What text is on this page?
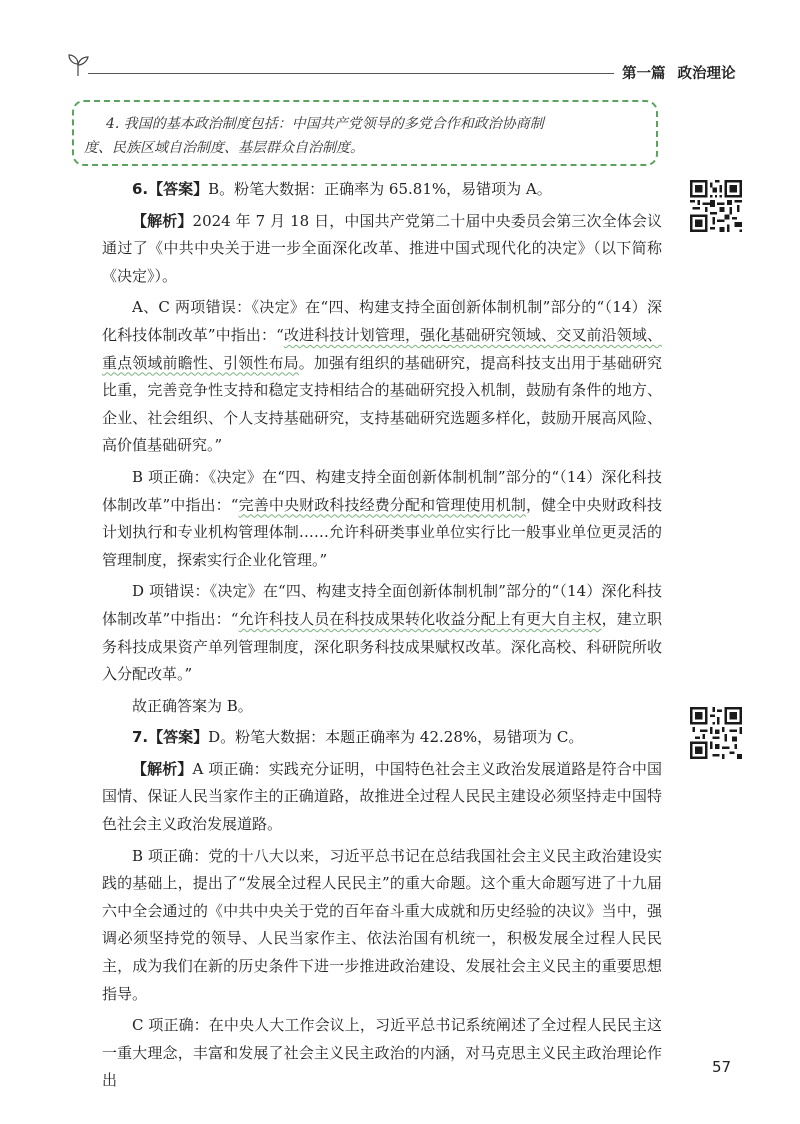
第一篇 政治理论
4. 我国的基本政治制度包括：中国共产党领导的多党合作和政治协商制
度、民族区域自治制度、基层群众自治制度。

6.【答案】B。粉笔大数据：正确率为 65.81%，易错项为 A。

【解析】2024 年 7 月 18 日，中国共产党第二十届中央委员会第三次全体会议通过了《中共中央关于进一步全面深化改革、推进中国式现代化的决定》（以下简称《决定》）。

A、C 两项错误：《决定》在“四、构建支持全面创新体制机制”部分的“（14）深化科技体制改革”中指出：“改进科技计划管理，强化基础研究领域、交叉前沿领域、重点领域前瞻性、引领性布局。加强有组织的基础研究，提高科技支出用于基础研究比重，完善竞争性支持和稳定支持相结合的基础研究投入机制，鼓励有条件的地方、企业、社会组织、个人支持基础研究，支持基础研究选题多样化，鼓励开展高风险、高价值基础研究。”

B 项正确：《决定》在“四、构建支持全面创新体制机制”部分的“（14）深化科技体制改革”中指出：“完善中央财政科技经费分配和管理使用机制，健全中央财政科技计划执行和专业机构管理体制……允许科研类事业单位实行比一般事业单位更灵活的管理制度，探索实行企业化管理。”

D 项错误：《决定》在“四、构建支持全面创新体制机制”部分的“（14）深化科技体制改革”中指出：“允许科技人员在科技成果转化收益分配上有更大自主权，建立职务科技成果资产单列管理制度，深化职务科技成果赋权改革。深化高校、科研院所收入分配改革。”

故正确答案为 B。

7.【答案】D。粉笔大数据：本题正确率为 42.28%，易错项为 C。

【解析】A 项正确：实践充分证明，中国特色社会主义政治发展道路是符合中国国情、保证人民当家作主的正确道路，故推进全过程人民民主建设必须坚持走中国特色社会主义政治发展道路。

B 项正确：党的十八大以来，习近平总书记在总结我国社会主义民主政治建设实践的基础上，提出了“发展全过程人民民主”的重大命题。这个重大命题写进了十九届六中全会通过的《中共中央关于党的百年奋斗重大成就和历史经验的决议》当中，强调必须坚持党的领导、人民当家作主、依法治国有机统一，积极发展全过程人民民主，成为我们在新的历史条件下进一步推进政治建设、发展社会主义民主的重要思想指导。

C 项正确：在中央人大工作会议上，习近平总书记系统阐述了全过程人民民主这一重大理念，丰富和发展了社会主义民主政治的内涵，对马克思主义民主政治理论作出

57
